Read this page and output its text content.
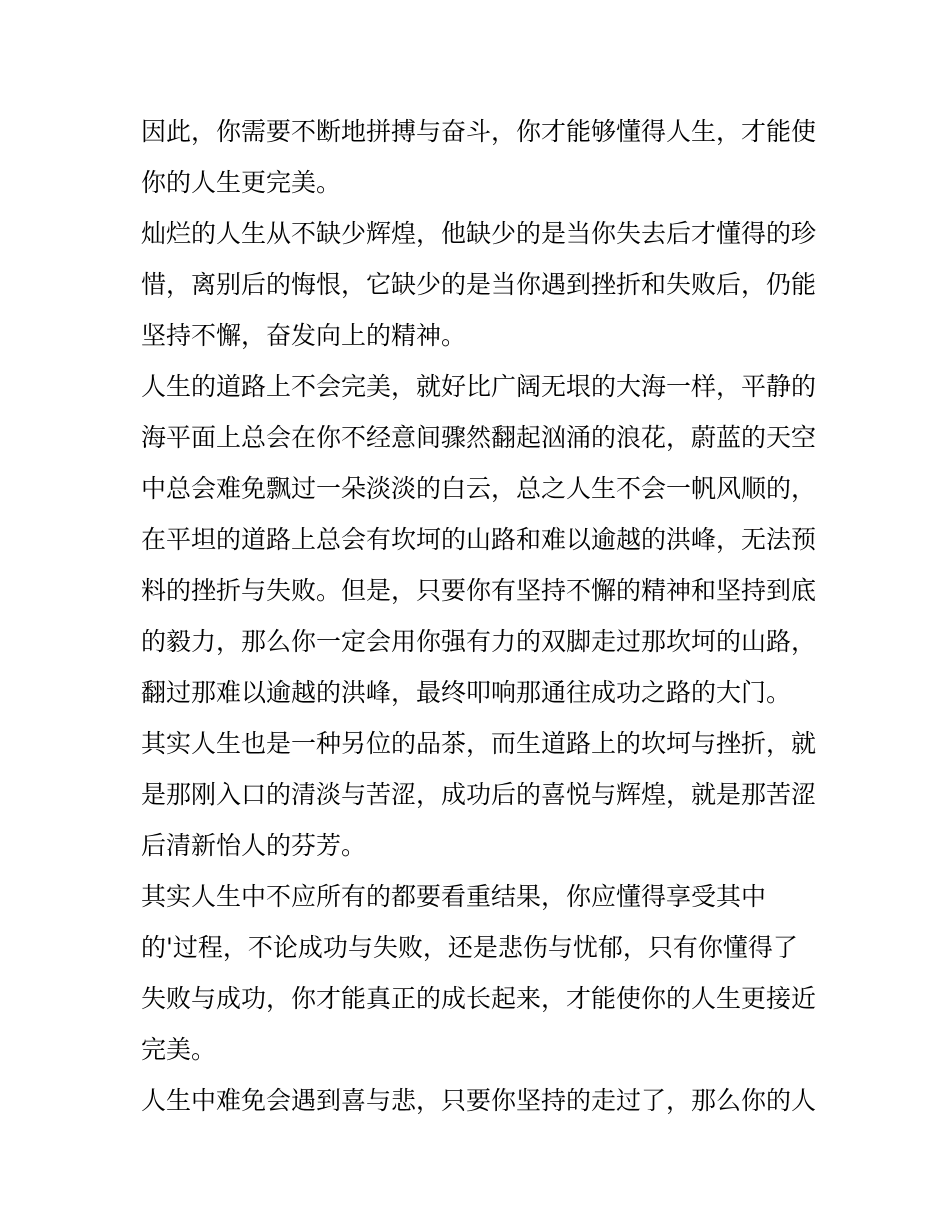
因此，你需要不断地拼搏与奋斗，你才能够懂得人生，才能使
你的人生更完美。
灿烂的人生从不缺少辉煌，他缺少的是当你失去后才懂得的珍
惜，离别后的悔恨，它缺少的是当你遇到挫折和失败后，仍能
坚持不懈，奋发向上的精神。
人生的道路上不会完美，就好比广阔无垠的大海一样，平静的
海平面上总会在你不经意间骤然翻起汹涌的浪花，蔚蓝的天空
中总会难免飘过一朵淡淡的白云，总之人生不会一帆风顺的，
在平坦的道路上总会有坎坷的山路和难以逾越的洪峰，无法预
料的挫折与失败。但是，只要你有坚持不懈的精神和坚持到底
的毅力，那么你一定会用你强有力的双脚走过那坎坷的山路，
翻过那难以逾越的洪峰，最终叩响那通往成功之路的大门。
其实人生也是一种另位的品茶，而生道路上的坎坷与挫折，就
是那刚入口的清淡与苦涩，成功后的喜悦与辉煌，就是那苦涩
后清新怡人的芬芳。
其实人生中不应所有的都要看重结果，你应懂得享受其中
的'过程，不论成功与失败，还是悲伤与忧郁，只有你懂得了
失败与成功，你才能真正的成长起来，才能使你的人生更接近
完美。
人生中难免会遇到喜与悲，只要你坚持的走过了，那么你的人
